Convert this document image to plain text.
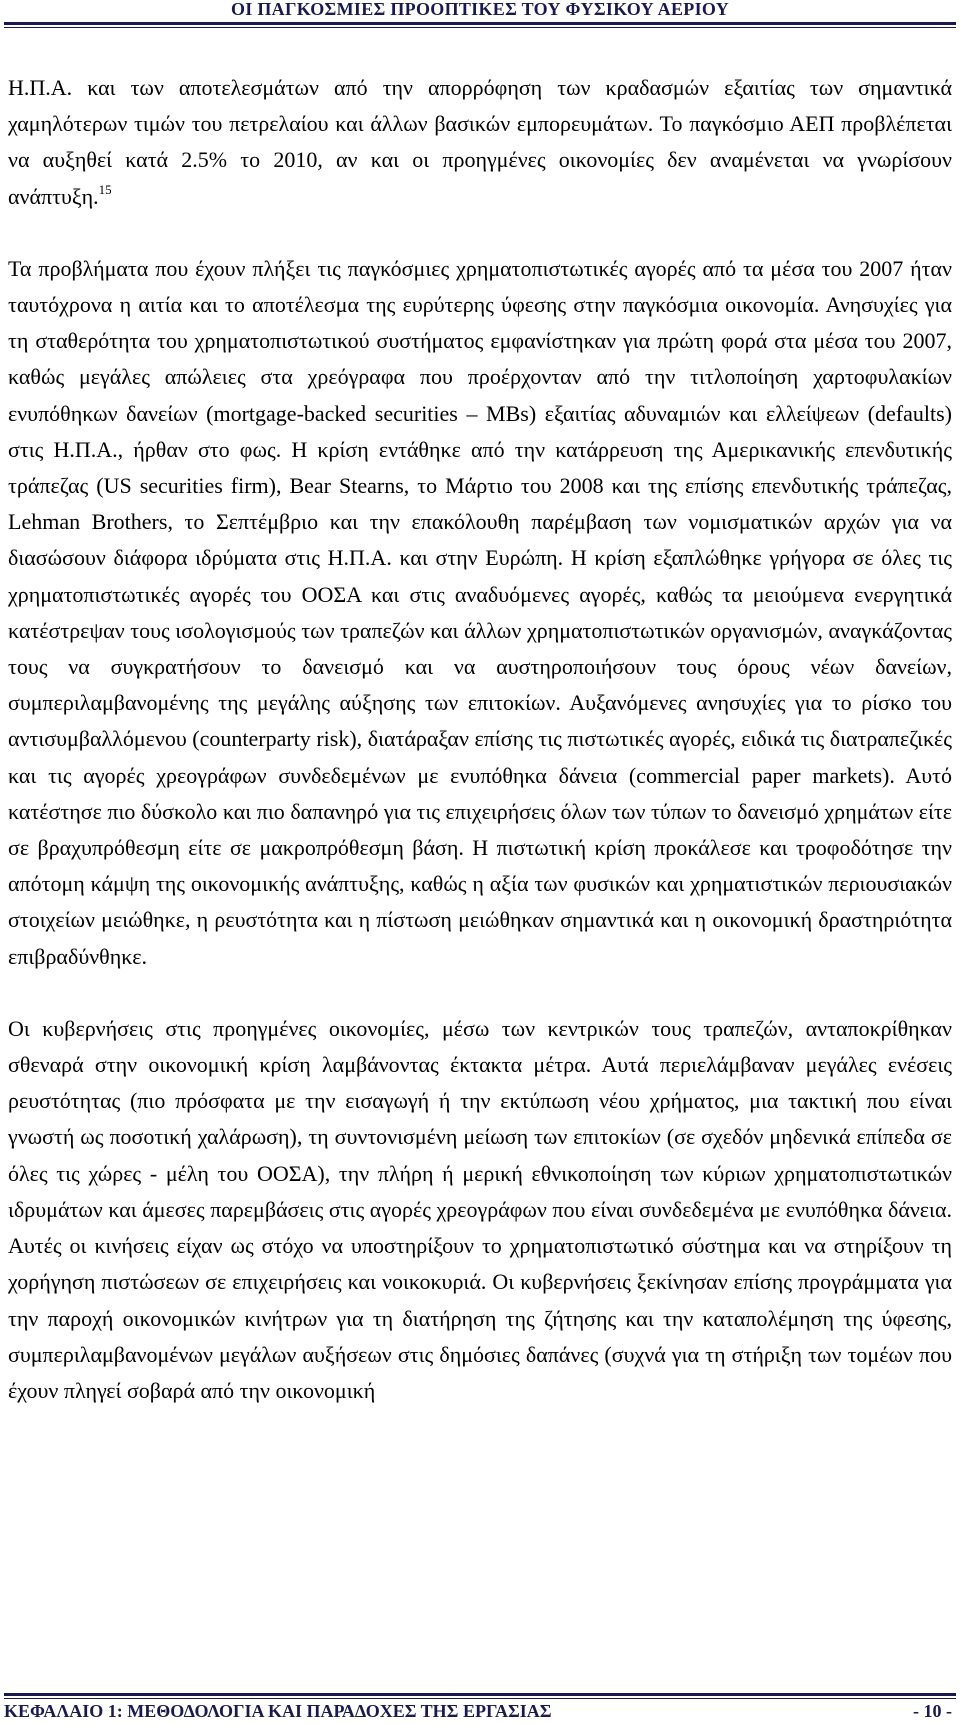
ΟΙ ΠΑΓΚΟΣΜΙΕΣ ΠΡΟΟΠΤΙΚΕΣ ΤΟΥ ΦΥΣΙΚΟΥ ΑΕΡΙΟΥ

Η.Π.Α. και των αποτελεσμάτων από την απορρόφηση των κραδασμών εξαιτίας των σημαντικά χαμηλότερων τιμών του πετρελαίου και άλλων βασικών εμπορευμάτων. Το παγκόσμιο ΑΕΠ προβλέπεται να αυξηθεί κατά 2.5% το 2010, αν και οι προηγμένες οικονομίες δεν αναμένεται να γνωρίσουν ανάπτυξη.$^{15}$

Τα προβλήματα που έχουν πλήξει τις παγκόσμιες χρηματοπιστωτικές αγορές από τα μέσα του 2007 ήταν ταυτόχρονα η αιτία και το αποτέλεσμα της ευρύτερης ύφεσης στην παγκόσμια οικονομία. Ανησυχίες για τη σταθερότητα του χρηματοπιστωτικού συστήματος εμφανίστηκαν για πρώτη φορά στα μέσα του 2007, καθώς μεγάλες απώλειες στα χρεόγραφα που προέρχονταν από την τιτλοποίηση χαρτοφυλακίων ενυπόθηκων δανείων (mortgage-backed securities – MBs) εξαιτίας αδυναμιών και ελλείψεων (defaults) στις Η.Π.Α., ήρθαν στο φως. Η κρίση εντάθηκε από την κατάρρευση της Αμερικανικής επενδυτικής τράπεζας (US securities firm), Bear Stearns, το Μάρτιο του 2008 και της επίσης επενδυτικής τράπεζας, Lehman Brothers, το Σεπτέμβριο και την επακόλουθη παρέμβαση των νομισματικών αρχών για να διασώσουν διάφορα ιδρύματα στις Η.Π.Α. και στην Ευρώπη. Η κρίση εξαπλώθηκε γρήγορα σε όλες τις χρηματοπιστωτικές αγορές του ΟΟΣΑ και στις αναδυόμενες αγορές, καθώς τα μειούμενα ενεργητικά κατέστρεψαν τους ισολογισμούς των τραπεζών και άλλων χρηματοπιστωτικών οργανισμών, αναγκάζοντας τους να συγκρατήσουν το δανεισμό και να αυστηροποιήσουν τους όρους νέων δανείων, συμπεριλαμβανομένης της μεγάλης αύξησης των επιτοκίων. Αυξανόμενες ανησυχίες για το ρίσκο του αντισυμβαλλόμενου (counterparty risk), διατάραξαν επίσης τις πιστωτικές αγορές, ειδικά τις διατραπεζικές και τις αγορές χρεογράφων συνδεδεμένων με ενυπόθηκα δάνεια (commercial paper markets). Αυτό κατέστησε πιο δύσκολο και πιο δαπανηρό για τις επιχειρήσεις όλων των τύπων το δανεισμό χρημάτων είτε σε βραχυπρόθεσμη είτε σε μακροπρόθεσμη βάση. Η πιστωτική κρίση προκάλεσε και τροφοδότησε την απότομη κάμψη της οικονομικής ανάπτυξης, καθώς η αξία των φυσικών και χρηματιστικών περιουσιακών στοιχείων μειώθηκε, η ρευστότητα και η πίστωση μειώθηκαν σημαντικά και η οικονομική δραστηριότητα επιβραδύνθηκε.

Οι κυβερνήσεις στις προηγμένες οικονομίες, μέσω των κεντρικών τους τραπεζών, ανταποκρίθηκαν σθεναρά στην οικονομική κρίση λαμβάνοντας έκτακτα μέτρα. Αυτά περιελάμβαναν μεγάλες ενέσεις ρευστότητας (πιο πρόσφατα με την εισαγωγή ή την εκτύπωση νέου χρήματος, μια τακτική που είναι γνωστή ως ποσοτική χαλάρωση), τη συντονισμένη μείωση των επιτοκίων (σε σχεδόν μηδενικά επίπεδα σε όλες τις χώρες - μέλη του ΟΟΣΑ), την πλήρη ή μερική εθνικοποίηση των κύριων χρηματοπιστωτικών ιδρυμάτων και άμεσες παρεμβάσεις στις αγορές χρεογράφων που είναι συνδεδεμένα με ενυπόθηκα δάνεια. Αυτές οι κινήσεις είχαν ως στόχο να υποστηρίξουν το χρηματοπιστωτικό σύστημα και να στηρίξουν τη χορήγηση πιστώσεων σε επιχειρήσεις και νοικοκυριά. Οι κυβερνήσεις ξεκίνησαν επίσης προγράμματα για την παροχή οικονομικών κινήτρων για τη διατήρηση της ζήτησης και την καταπολέμηση της ύφεσης, συμπεριλαμβανομένων μεγάλων αυξήσεων στις δημόσιες δαπάνες (συχνά για τη στήριξη των τομέων που έχουν πληγεί σοβαρά από την οικονομική

ΚΕΦΑΛΑΙΟ 1: ΜΕΘΟΔΟΛΟΓΙΑ ΚΑΙ ΠΑΡΑΔΟΧΕΣ ΤΗΣ ΕΡΓΑΣΙΑΣ	- 10 -
